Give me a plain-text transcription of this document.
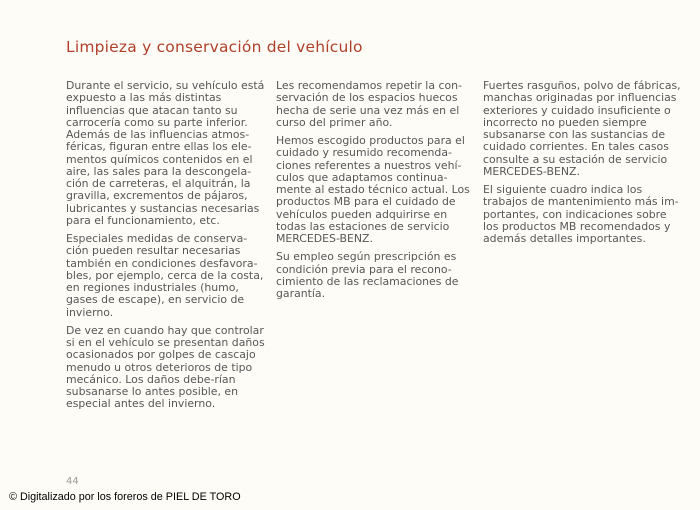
Limpieza y conservación del vehículo

Durante el servicio, su vehículo está expuesto a las más distintas influencias que atacan tanto su carrocería como su parte inferior. Además de las influencias atmos-féricas, figuran entre ellas los ele-mentos químicos contenidos en el aire, las sales para la descongela-ción de carreteras, el alquitrán, la gravilla, excrementos de pájaros, lubricantes y sustancias necesarias para el funcionamiento, etc.

Especiales medidas de conserva-ción pueden resultar necesarias también en condiciones desfavora-bles, por ejemplo, cerca de la costa, en regiones industriales (humo, gases de escape), en servicio de invierno.

De vez en cuando hay que controlar si en el vehículo se presentan daños ocasionados por golpes de cascajo menudo u otros deterioros de tipo mecánico. Los daños debe-rían subsanarse lo antes posible, en especial antes del invierno.

Les recomendamos repetir la con-servación de los espacios huecos hecha de serie una vez más en el curso del primer año.

Hemos escogido productos para el cuidado y resumido recomenda-ciones referentes a nuestros vehí-culos que adaptamos continua-mente al estado técnico actual. Los productos MB para el cuidado de vehículos pueden adquirirse en todas las estaciones de servicio MERCEDES-BENZ.

Su empleo según prescripción es condición previa para el recono-cimiento de las reclamaciones de garantía.

Fuertes rasguños, polvo de fábricas, manchas originadas por influencias exteriores y cuidado insuficiente o incorrecto no pueden siempre subsanarse con las sustancias de cuidado corrientes. En tales casos consulte a su estación de servicio MERCEDES-BENZ.

El siguiente cuadro indica los trabajos de mantenimiento más im-portantes, con indicaciones sobre los productos MB recomendados y además detalles importantes.

44
© Digitalizado por los foreros de PIEL DE TORO
